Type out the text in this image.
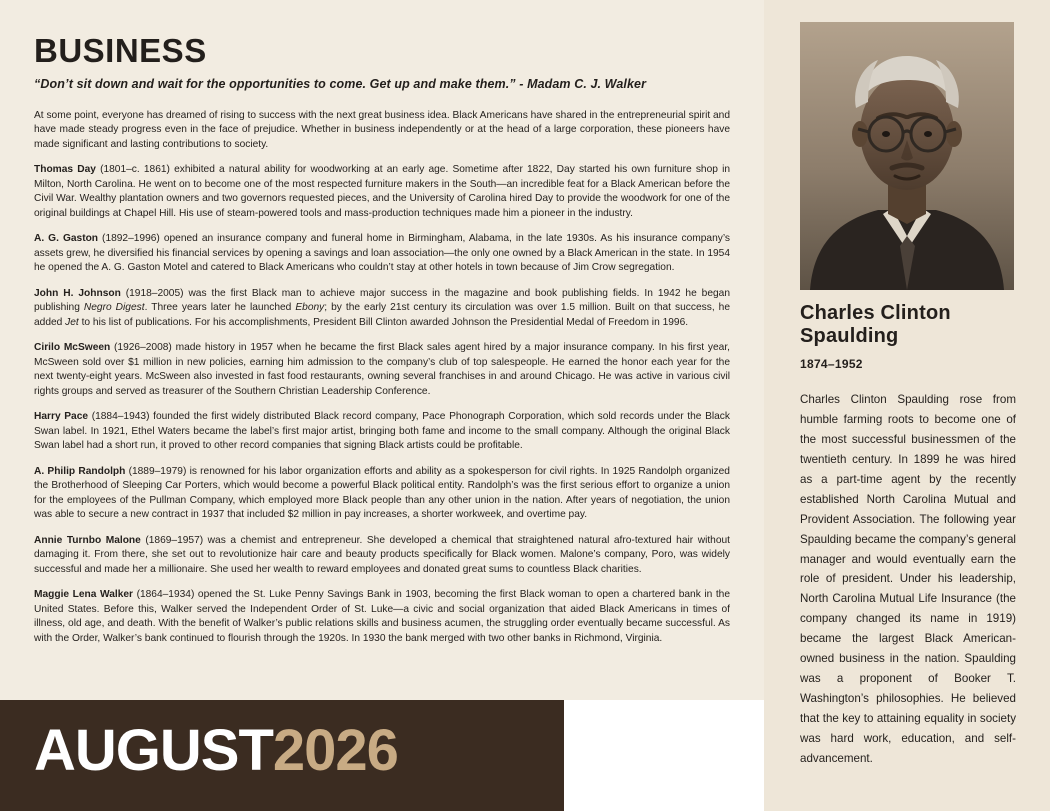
BUSINESS
“Don’t sit down and wait for the opportunities to come. Get up and make them.” - Madam C. J. Walker
At some point, everyone has dreamed of rising to success with the next great business idea. Black Americans have shared in the entrepreneurial spirit and have made steady progress even in the face of prejudice. Whether in business independently or at the head of a large corporation, these pioneers have made significant and lasting contributions to society.
Thomas Day (1801–c. 1861) exhibited a natural ability for woodworking at an early age. Sometime after 1822, Day started his own furniture shop in Milton, North Carolina. He went on to become one of the most respected furniture makers in the South—an incredible feat for a Black American before the Civil War. Wealthy plantation owners and two governors requested pieces, and the University of Carolina hired Day to provide the woodwork for one of the original buildings at Chapel Hill. His use of steam-powered tools and mass-production techniques made him a pioneer in the industry.
A. G. Gaston (1892–1996) opened an insurance company and funeral home in Birmingham, Alabama, in the late 1930s. As his insurance company’s assets grew, he diversified his financial services by opening a savings and loan association—the only one owned by a Black American in the state. In 1954 he opened the A. G. Gaston Motel and catered to Black Americans who couldn’t stay at other hotels in town because of Jim Crow segregation.
John H. Johnson (1918–2005) was the first Black man to achieve major success in the magazine and book publishing fields. In 1942 he began publishing Negro Digest. Three years later he launched Ebony; by the early 21st century its circulation was over 1.5 million. Built on that success, he added Jet to his list of publications. For his accomplishments, President Bill Clinton awarded Johnson the Presidential Medal of Freedom in 1996.
Cirilo McSween (1926–2008) made history in 1957 when he became the first Black sales agent hired by a major insurance company. In his first year, McSween sold over $1 million in new policies, earning him admission to the company’s club of top salespeople. He earned the honor each year for the next twenty-eight years. McSween also invested in fast food restaurants, owning several franchises in and around Chicago. He was active in various civil rights groups and served as treasurer of the Southern Christian Leadership Conference.
Harry Pace (1884–1943) founded the first widely distributed Black record company, Pace Phonograph Corporation, which sold records under the Black Swan label. In 1921, Ethel Waters became the label’s first major artist, bringing both fame and income to the small company. Although the original Black Swan label had a short run, it proved to other record companies that signing Black artists could be profitable.
A. Philip Randolph (1889–1979) is renowned for his labor organization efforts and ability as a spokesperson for civil rights. In 1925 Randolph organized the Brotherhood of Sleeping Car Porters, which would become a powerful Black political entity. Randolph’s was the first serious effort to organize a union for the employees of the Pullman Company, which employed more Black people than any other union in the nation. After years of negotiation, the union was able to secure a new contract in 1937 that included $2 million in pay increases, a shorter workweek, and overtime pay.
Annie Turnbo Malone (1869–1957) was a chemist and entrepreneur. She developed a chemical that straightened natural afro-textured hair without damaging it. From there, she set out to revolutionize hair care and beauty products specifically for Black women. Malone’s company, Poro, was widely successful and made her a millionaire. She used her wealth to reward employees and donated great sums to countless Black charities.
Maggie Lena Walker (1864–1934) opened the St. Luke Penny Savings Bank in 1903, becoming the first Black woman to open a chartered bank in the United States. Before this, Walker served the Independent Order of St. Luke—a civic and social organization that aided Black Americans in times of illness, old age, and death. With the benefit of Walker’s public relations skills and business acumen, the struggling order eventually became successful. As with the Order, Walker’s bank continued to flourish through the 1920s. In 1930 the bank merged with two other banks in Richmond, Virginia.
AUGUST2026
Charles Clinton Spaulding
1874–1952
Charles Clinton Spaulding rose from humble farming roots to become one of the most successful businessmen of the twentieth century. In 1899 he was hired as a part-time agent by the recently established North Carolina Mutual and Provident Association. The following year Spaulding became the company’s general manager and would eventually earn the role of president. Under his leadership, North Carolina Mutual Life Insurance (the company changed its name in 1919) became the largest Black American-owned business in the nation. Spaulding was a proponent of Booker T. Washington’s philosophies. He believed that the key to attaining equality in society was hard work, education, and self-advancement.
